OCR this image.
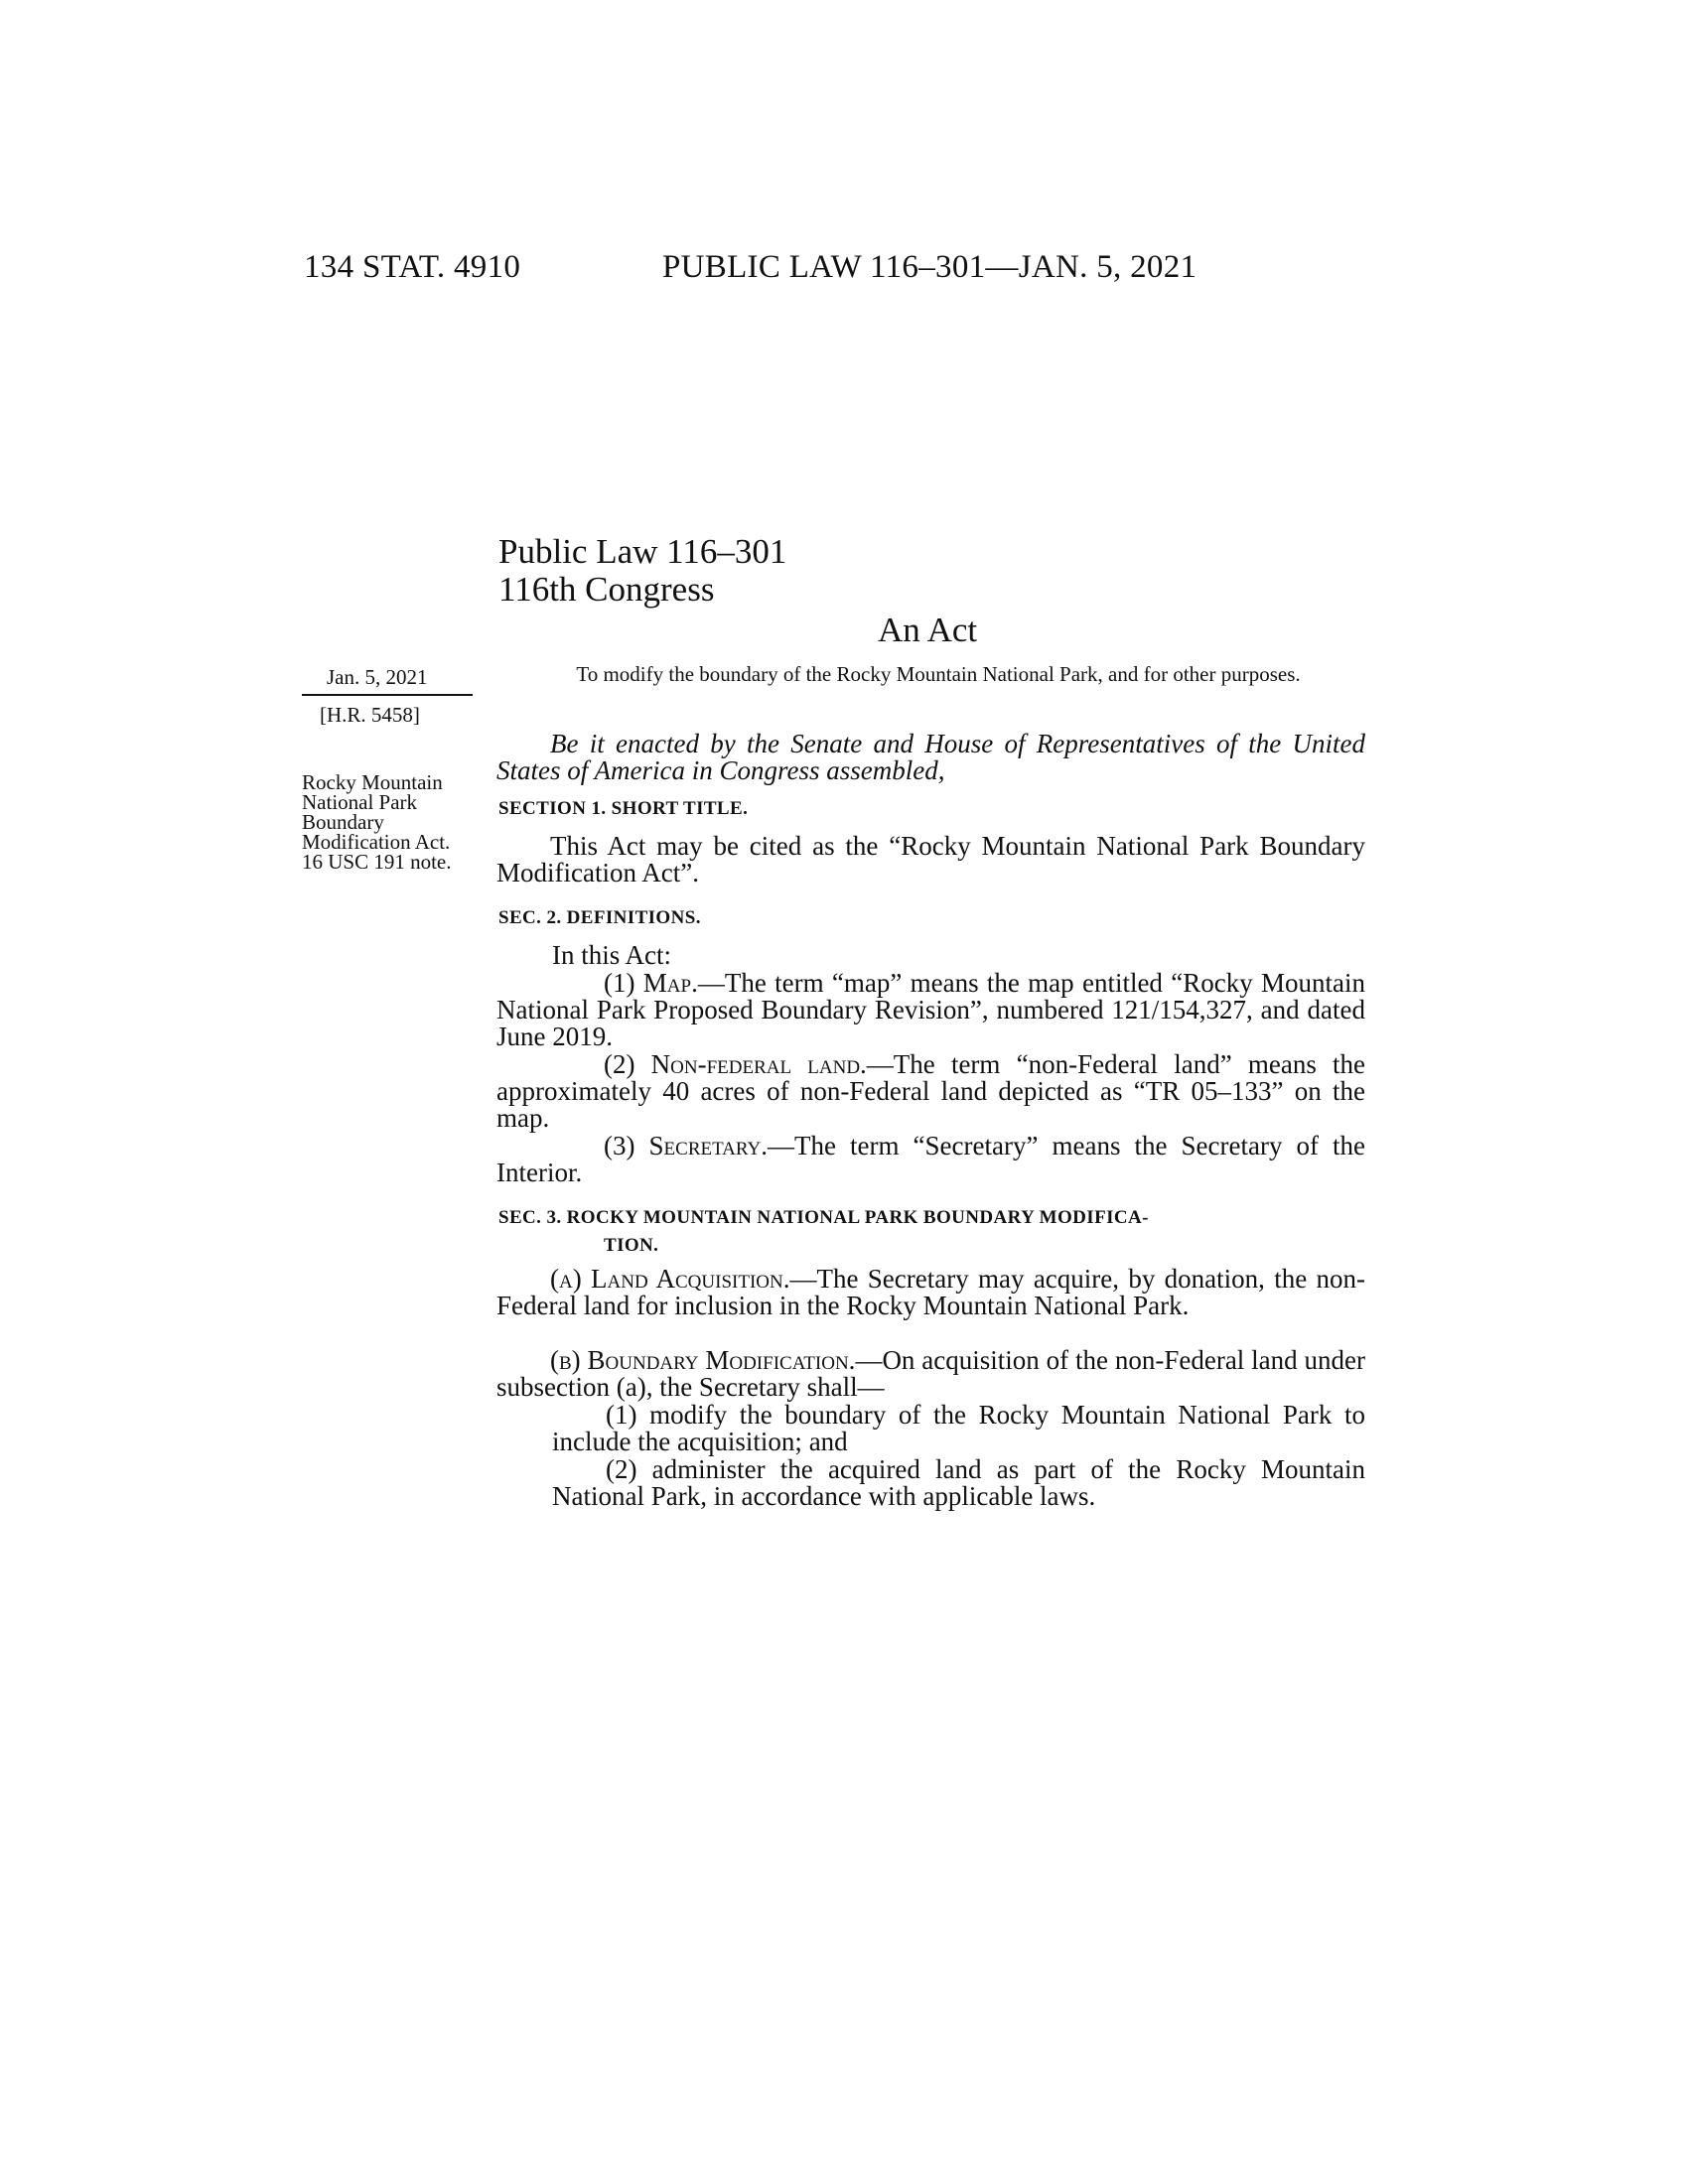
134 STAT. 4910	PUBLIC LAW 116–301—JAN. 5, 2021
Public Law 116–301
116th Congress
An Act
Jan. 5, 2021
[H.R. 5458]
Rocky Mountain
National Park
Boundary
Modification Act.
16 USC 191 note.
To modify the boundary of the Rocky Mountain National Park, and for other purposes.
Be it enacted by the Senate and House of Representatives of the United States of America in Congress assembled,
SECTION 1. SHORT TITLE.
This Act may be cited as the “Rocky Mountain National Park Boundary Modification Act”.
SEC. 2. DEFINITIONS.
In this Act:
(1) Map.—The term “map” means the map entitled “Rocky Mountain National Park Proposed Boundary Revision”, numbered 121/154,327, and dated June 2019.
(2) Non-federal land.—The term “non-Federal land” means the approximately 40 acres of non-Federal land depicted as “TR 05–133” on the map.
(3) Secretary.—The term “Secretary” means the Secretary of the Interior.
SEC. 3. ROCKY MOUNTAIN NATIONAL PARK BOUNDARY MODIFICA-
TION.
(a) Land Acquisition.—The Secretary may acquire, by donation, the non-Federal land for inclusion in the Rocky Mountain National Park.
(b) Boundary Modification.—On acquisition of the non-Federal land under subsection (a), the Secretary shall—
(1) modify the boundary of the Rocky Mountain National Park to include the acquisition; and
(2) administer the acquired land as part of the Rocky Mountain National Park, in accordance with applicable laws.
